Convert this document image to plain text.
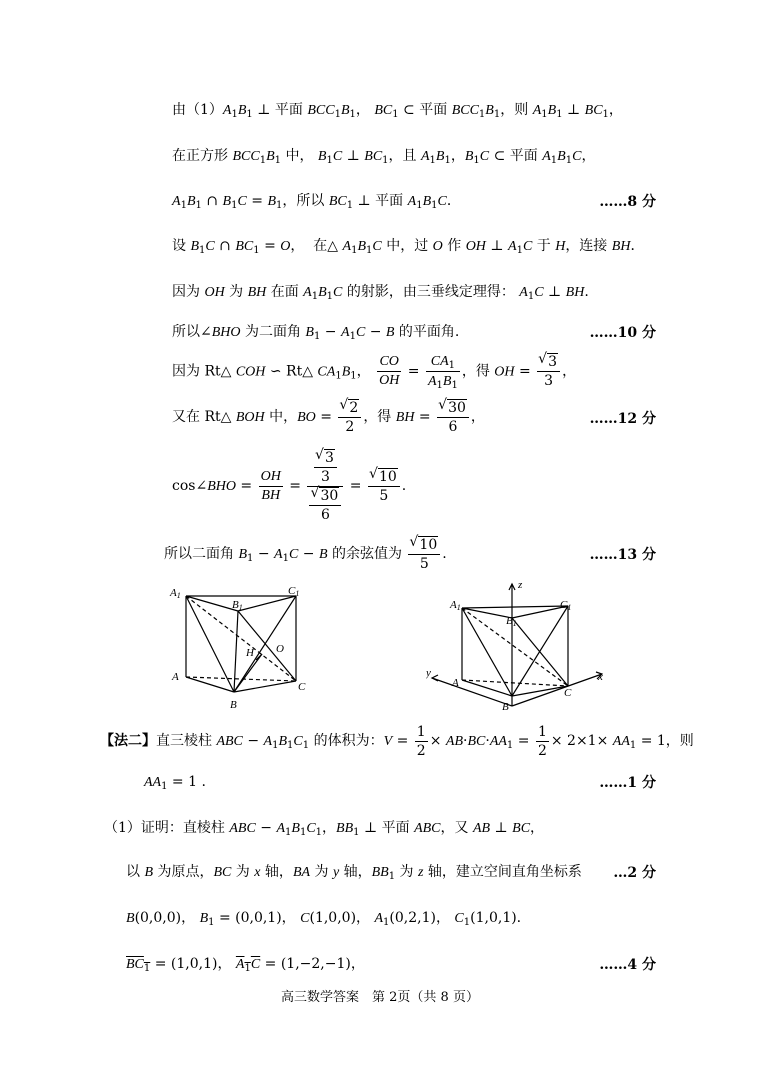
由$(1)A_1B_1$ ⊥ 平面 $BCC_1B_1$， $BC_1$ ⊂ 平面 $BCC_1B_1$，则 $A_1B_1$ ⊥ $BC_1$，
在正方形 $BCC_1B_1$ 中， $B_1C$ ⊥ $BC_1$，且 $A_1B_1$，$B_1C$ ⊂ 平面 $A_1B_1C$，
$A_1B_1$ ∩ $B_1C = B_1$，所以 $BC_1$ ⊥ 平面 $A_1B_1C$．	……8 分
设 $B_1C$ ∩ $BC_1 = O$，  在△ $A_1B_1C$ 中，过 O 作 OH ⊥ $A_1C$ 于 H，连接 BH．
因为 OH 为 BH 在面 $A_1B_1C$ 的射影，由三垂线定理得： $A_1C$ ⊥ BH.
所以∠BHO 为二面角 $B_1 - A_1C - B$ 的平面角.	……10 分
因为 Rt△ COH ∽ Rt△ $CA_1B_1$， $\frac{CO}{OH} = \frac{CA_1}{A_1B_1}$ ，得 OH = √ $\frac{3}{3}$ ，
又在 Rt△ BOH 中，BO = √ $\frac{2}{2}$ ，得 BH = √ $\frac{30}{6}$ ，	……12 分
cos∠BHO = $\frac{OH}{BH}$ = √ $\frac{3}{3}$
√ $\frac{30}{6}$ = √ $\frac{10}{5}$ .
所以二面角 $B_1 - A_1C - B$ 的余弦值为 √ $\frac{10}{5}$ .	……13 分
A1
B1
C1
A
B
C
H O
z
A1
B1
C1
y
A
B
C
x
【法二】直三棱柱 ABC − $A_1B_1C_1$ 的体积为：$V = \frac{1}{2} \times AB\cdot BC\cdot AA_1 = \frac{1}{2} \times 2\times 1\times AA_1 = 1$，则
$AA_1 = 1$ .	……1 分
（1）证明：直棱柱 ABC − $A_1B_1C_1$，$BB_1$ ⊥ 平面 ABC，又 AB ⊥ BC，
以 B 为原点，BC 为 x 轴，BA 为 y 轴，$BB_1$ 为 z 轴，建立空间直角坐标系 …2 分
B(0,0,0)， $B_1 = (0,0,1)$， C(1,0,0)， $A_1(0,2,1)$， $C_1(1,0,1)$.
$BC_1 = (1,0,1)$， $A_1C = (1,-2,-1)$，	……4 分
高三数学答案　第 2页（共 8 页）
